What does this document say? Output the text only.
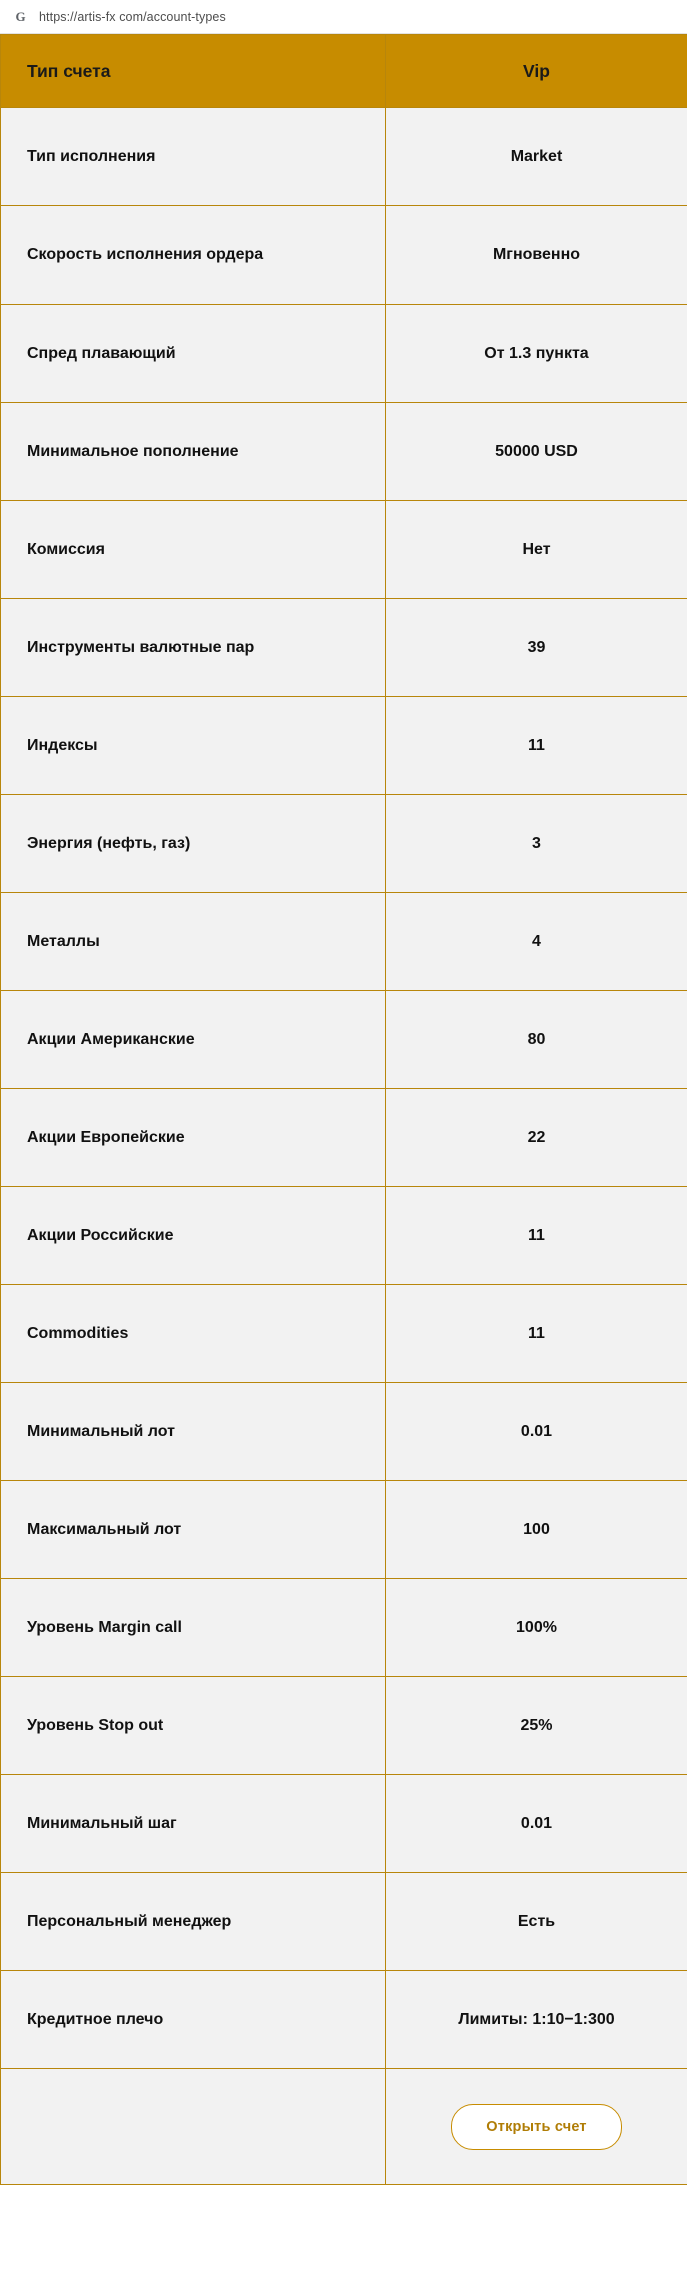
G https://artis-fx com/account-types
Тип счета	Vip
Тип исполнения	Market
Скорость исполнения ордера	Мгновенно
Спред плавающий	От 1.3 пункта
Минимальное пополнение	50000 USD
Комиссия	Нет
Инструменты валютные пар	39
Индексы	11
Энергия (нефть, газ)	3
Металлы	4
Акции Американские	80
Акции Европейские	22
Акции Российские	11
Commodities	11
Минимальный лот	0.01
Максимальный лот	100
Уровень Margin call	100%
Уровень Stop out	25%
Минимальный шаг	0.01
Персональный менеджер	Есть
Кредитное плечо	Лимиты: 1:10−1:300
	Открыть счет
